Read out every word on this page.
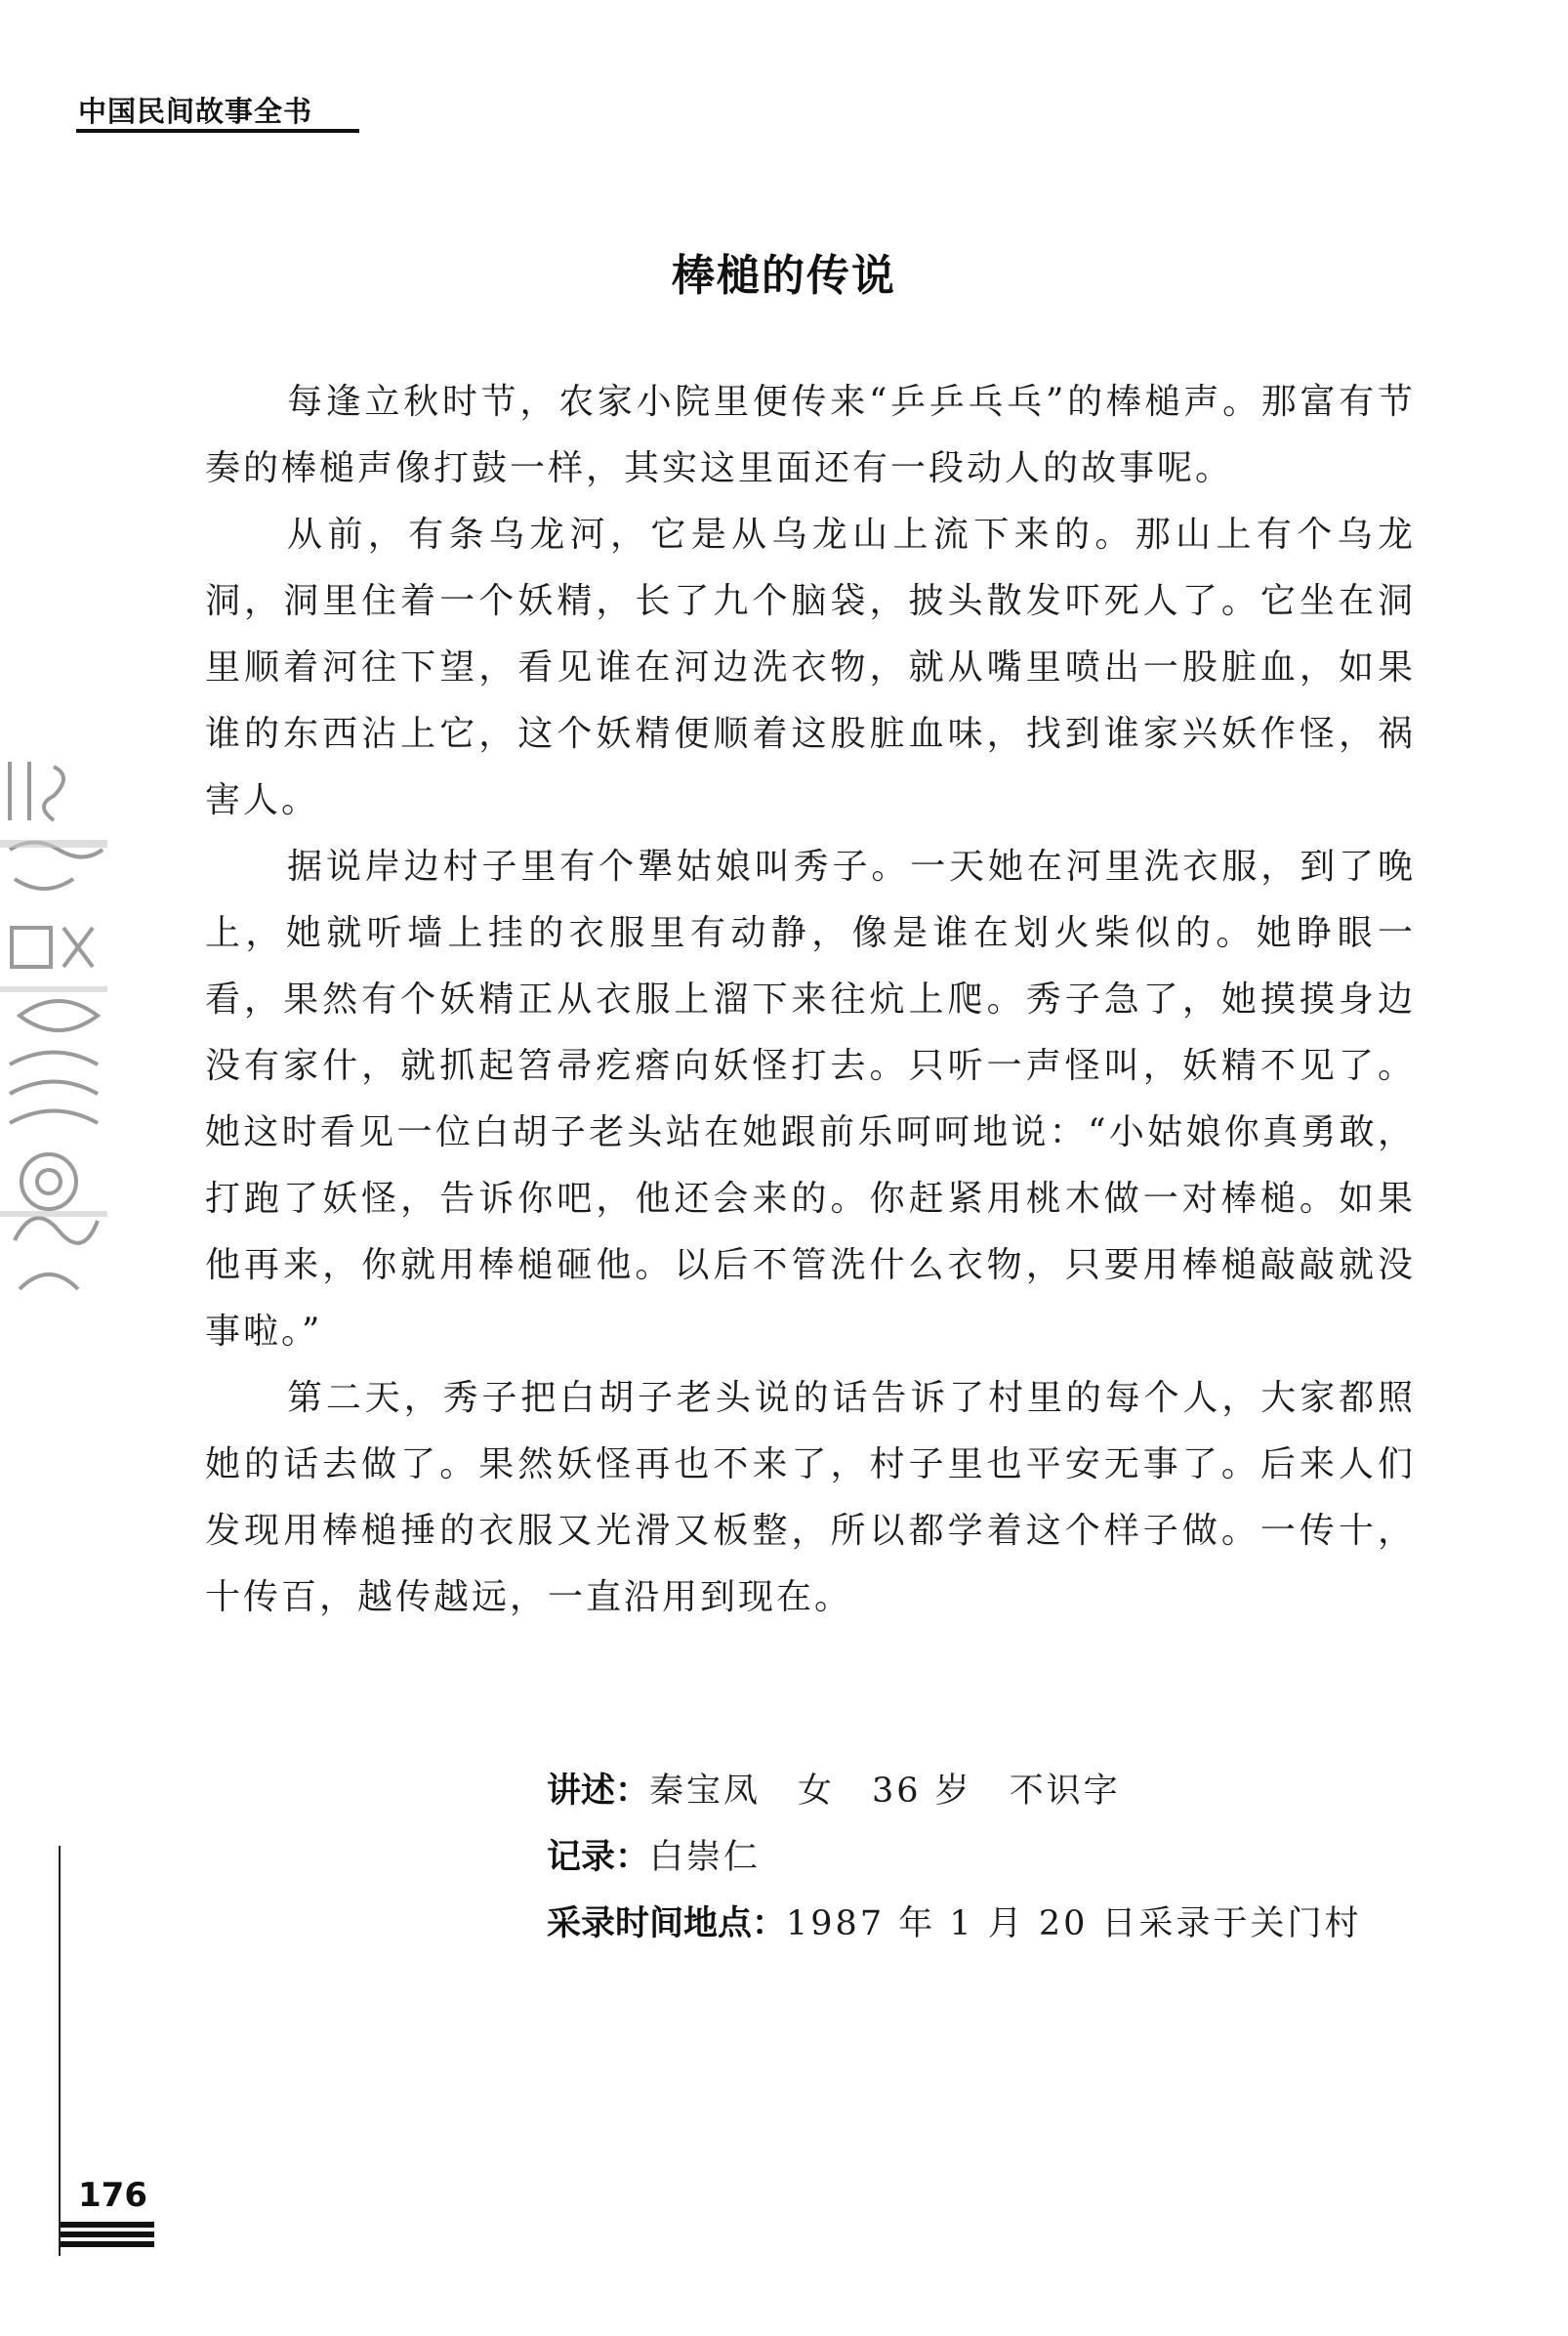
中国民间故事全书
棒槌的传说

每逢立秋时节，农家小院里便传来“乒乒乓乓”的棒槌声。那富有节奏的棒槌声像打鼓一样，其实这里面还有一段动人的故事呢。

从前，有条乌龙河，它是从乌龙山上流下来的。那山上有个乌龙洞，洞里住着一个妖精，长了九个脑袋，披头散发吓死人了。它坐在洞里顺着河往下望，看见谁在河边洗衣物，就从嘴里喷出一股脏血，如果谁的东西沾上它，这个妖精便顺着这股脏血味，找到谁家兴妖作怪，祸害人。

据说岸边村子里有个犟姑娘叫秀子。一天她在河里洗衣服，到了晚上，她就听墙上挂的衣服里有动静，像是谁在划火柴似的。她睁眼一看，果然有个妖精正从衣服上溜下来往炕上爬。秀子急了，她摸摸身边没有家什，就抓起笤帚疙瘩向妖怪打去。只听一声怪叫，妖精不见了。她这时看见一位白胡子老头站在她跟前乐呵呵地说：“小姑娘你真勇敢，打跑了妖怪，告诉你吧，他还会来的。你赶紧用桃木做一对棒槌。如果他再来，你就用棒槌砸他。以后不管洗什么衣物，只要用棒槌敲敲就没事啦。”

第二天，秀子把白胡子老头说的话告诉了村里的每个人，大家都照她的话去做了。果然妖怪再也不来了，村子里也平安无事了。后来人们发现用棒槌捶的衣服又光滑又板整，所以都学着这个样子做。一传十，十传百，越传越远，一直沿用到现在。

讲述：秦宝凤　女　36 岁　不识字
记录：白崇仁
采录时间地点：1987 年 1 月 20 日采录于关门村
176
